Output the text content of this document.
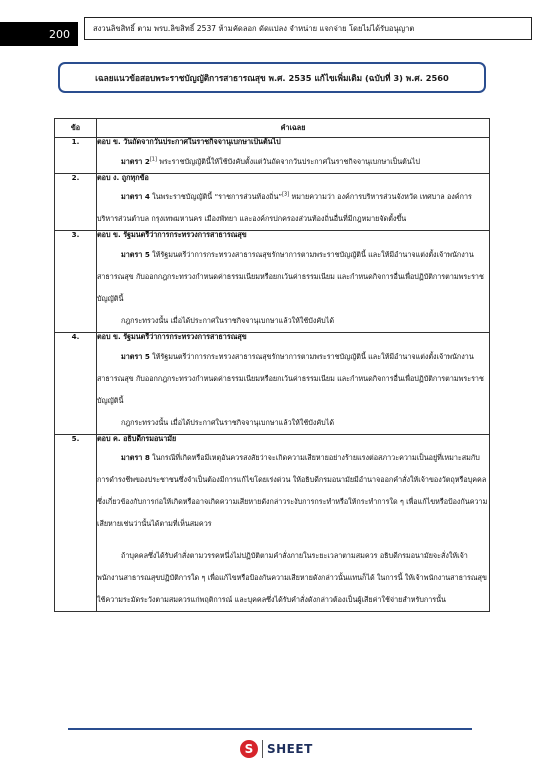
200	สงวนลิขสิทธิ์ ตาม พรบ.ลิขสิทธิ์ 2537 ห้ามคัดลอก ดัดแปลง จำหน่าย แจกจ่าย โดยไม่ได้รับอนุญาต
เฉลยแนวข้อสอบพระราชบัญญัติการสาธารณสุข พ.ศ. 2535 แก้ไขเพิ่มเติม (ฉบับที่ 3) พ.ศ. 2560
ข้อ	คำเฉลย
1.	ตอบ ข. วันถัดจากวันประกาศในราชกิจจานุเบกษาเป็นต้นไป

มาตรา 2[1] พระราชบัญญัตินี้ให้ใช้บังคับตั้งแต่วันถัดจากวันประกาศในราชกิจจานุเบกษาเป็นต้นไป

2.	ตอบ ง. ถูกทุกข้อ

มาตรา 4 ในพระราชบัญญัตินี้ “ราชการส่วนท้องถิ่น”[3] หมายความว่า องค์การบริหารส่วนจังหวัด เทศบาล องค์การบริหารส่วนตำบล กรุงเทพมหานคร เมืองพัทยา และองค์กรปกครองส่วนท้องถิ่นอื่นที่มีกฎหมายจัดตั้งขึ้น

3.	ตอบ ข. รัฐมนตรีว่าการกระทรวงการสาธารณสุข

มาตรา 5 ให้รัฐมนตรีว่าการกระทรวงสาธารณสุขรักษาการตามพระราชบัญญัตินี้ และให้มีอำนาจแต่งตั้งเจ้าพนักงานสาธารณสุข กับออกกฎกระทรวงกำหนดค่าธรรมเนียมหรือยกเว้นค่าธรรมเนียม และกำหนดกิจการอื่นเพื่อปฏิบัติการตามพระราชบัญญัตินี้

กฎกระทรวงนั้น เมื่อได้ประกาศในราชกิจจานุเบกษาแล้วให้ใช้บังคับได้

4.	ตอบ ข. รัฐมนตรีว่าการกระทรวงการสาธารณสุข

มาตรา 5 ให้รัฐมนตรีว่าการกระทรวงสาธารณสุขรักษาการตามพระราชบัญญัตินี้ และให้มีอำนาจแต่งตั้งเจ้าพนักงานสาธารณสุข กับออกกฎกระทรวงกำหนดค่าธรรมเนียมหรือยกเว้นค่าธรรมเนียม และกำหนดกิจการอื่นเพื่อปฏิบัติการตามพระราชบัญญัตินี้

กฎกระทรวงนั้น เมื่อได้ประกาศในราชกิจจานุเบกษาแล้วให้ใช้บังคับได้

5.	ตอบ ค. อธิบดีกรมอนามัย

มาตรา 8 ในกรณีที่เกิดหรือมีเหตุอันควรสงสัยว่าจะเกิดความเสียหายอย่างร้ายแรงต่อสภาวะความเป็นอยู่ที่เหมาะสมกับการดำรงชีพของประชาชนซึ่งจำเป็นต้องมีการแก้ไขโดยเร่งด่วน ให้อธิบดีกรมอนามัยมีอำนาจออกคำสั่งให้เจ้าของวัตถุหรือบุคคลซึ่งเกี่ยวข้องกับการก่อให้เกิดหรืออาจเกิดความเสียหายดังกล่าวระงับการกระทำหรือให้กระทำการใด ๆ เพื่อแก้ไขหรือป้องกันความเสียหายเช่นว่านั้นได้ตามที่เห็นสมควร

ถ้าบุคคลซึ่งได้รับคำสั่งตามวรรคหนึ่งไม่ปฏิบัติตามคำสั่งภายในระยะเวลาตามสมควร อธิบดีกรมอนามัยจะสั่งให้เจ้าพนักงานสาธารณสุขปฏิบัติการใด ๆ เพื่อแก้ไขหรือป้องกันความเสียหายดังกล่าวนั้นแทนก็ได้ ในการนี้ ให้เจ้าพนักงานสาธารณสุขใช้ความระมัดระวังตามสมควรแก่พฤติการณ์ และบุคคลซึ่งได้รับคำสั่งดังกล่าวต้องเป็นผู้เสียค่าใช้จ่ายสำหรับการนั้น

S	SHEET
